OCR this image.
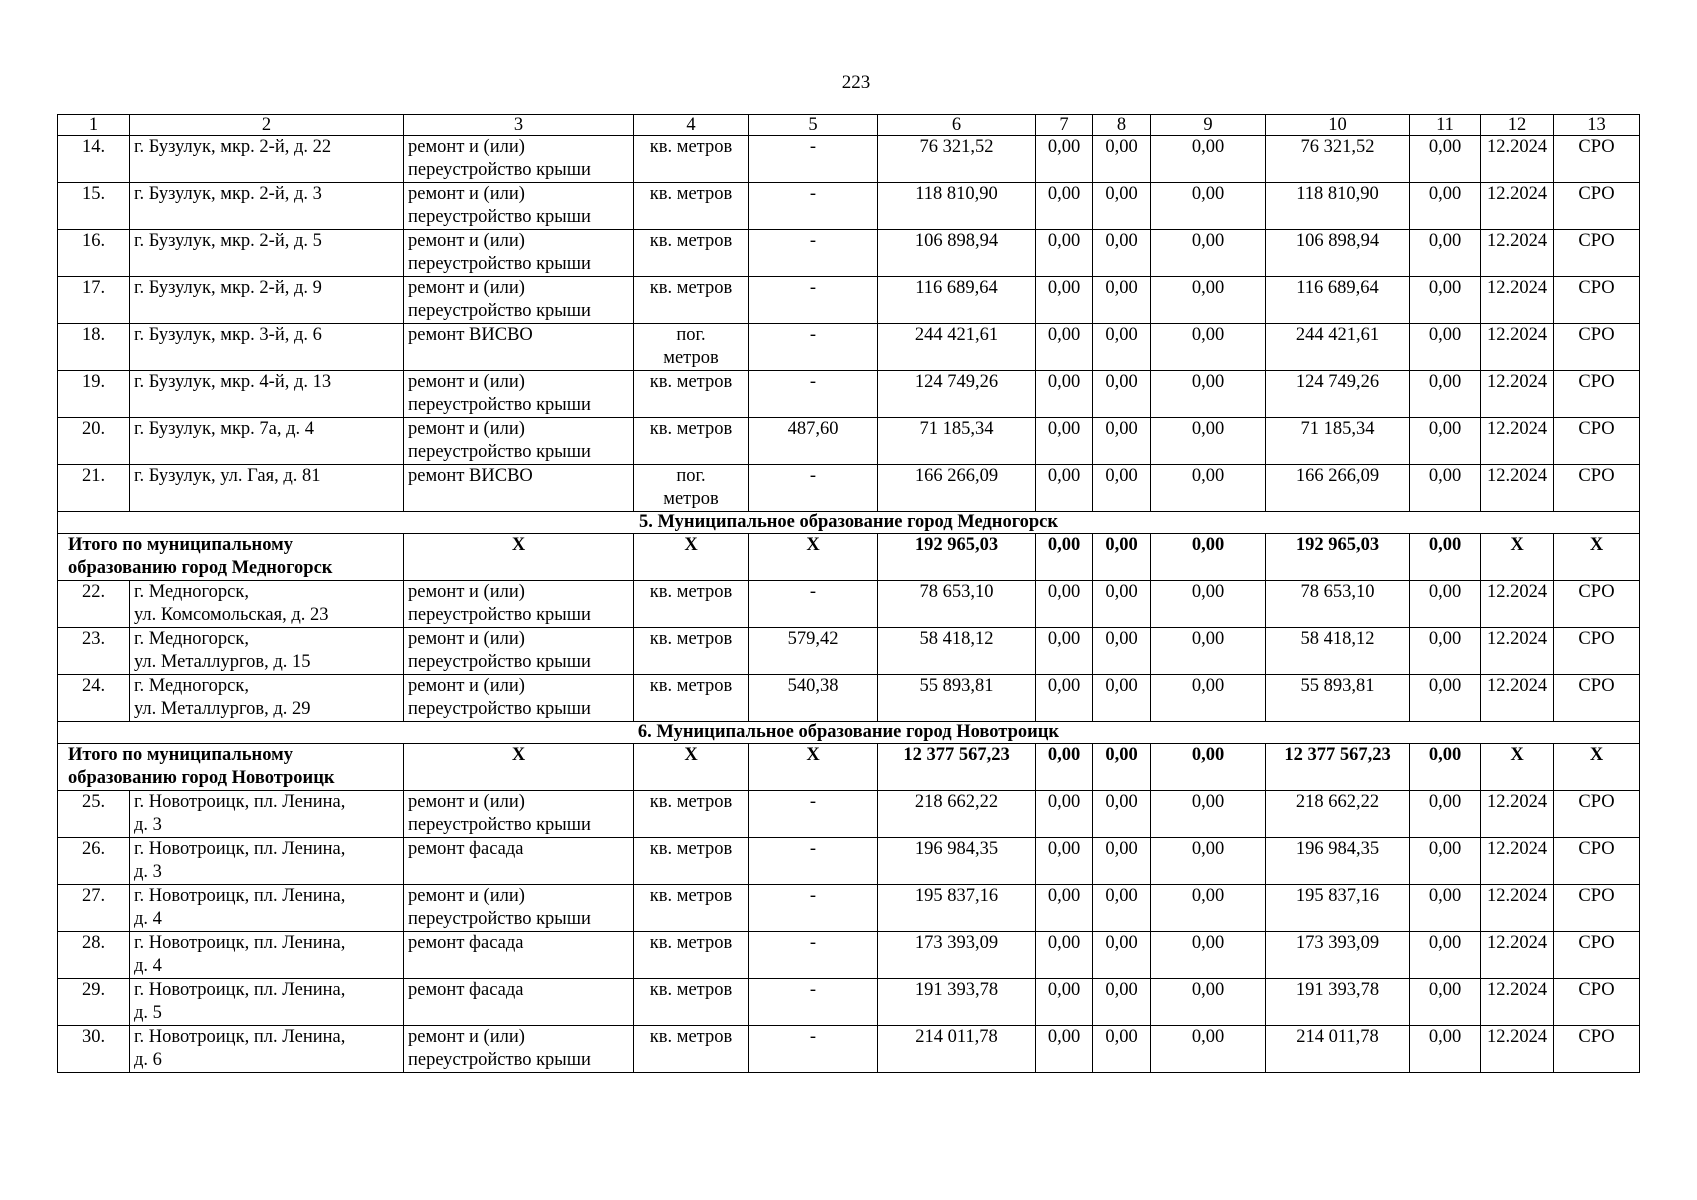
223
1	2	3	4	5	6	7	8	9	10	11	12	13
14.	г. Бузулук, мкр. 2-й, д. 22	ремонт и (или)
переустройство крыши	кв. метров	-	76 321,52	0,00	0,00	0,00	76 321,52	0,00	12.2024	СРО
15.	г. Бузулук, мкр. 2-й, д. 3	ремонт и (или)
переустройство крыши	кв. метров	-	118 810,90	0,00	0,00	0,00	118 810,90	0,00	12.2024	СРО
16.	г. Бузулук, мкр. 2-й, д. 5	ремонт и (или)
переустройство крыши	кв. метров	-	106 898,94	0,00	0,00	0,00	106 898,94	0,00	12.2024	СРО
17.	г. Бузулук, мкр. 2-й, д. 9	ремонт и (или)
переустройство крыши	кв. метров	-	116 689,64	0,00	0,00	0,00	116 689,64	0,00	12.2024	СРО
18.	г. Бузулук, мкр. 3-й, д. 6	ремонт ВИСВО	пог.
метров	-	244 421,61	0,00	0,00	0,00	244 421,61	0,00	12.2024	СРО
19.	г. Бузулук, мкр. 4-й, д. 13	ремонт и (или)
переустройство крыши	кв. метров	-	124 749,26	0,00	0,00	0,00	124 749,26	0,00	12.2024	СРО
20.	г. Бузулук, мкр. 7а, д. 4	ремонт и (или)
переустройство крыши	кв. метров	487,60	71 185,34	0,00	0,00	0,00	71 185,34	0,00	12.2024	СРО
21.	г. Бузулук, ул. Гая, д. 81	ремонт ВИСВО	пог.
метров	-	166 266,09	0,00	0,00	0,00	166 266,09	0,00	12.2024	СРО
5. Муниципальное образование город Медногорск												

Итого по муниципальному
образованию город Медногорск		Х	Х	Х	192 965,03	0,00	0,00	0,00	192 965,03	0,00	Х	Х
22.	г. Медногорск,
ул. Комсомольская, д. 23	ремонт и (или)
переустройство крыши	кв. метров	-	78 653,10	0,00	0,00	0,00	78 653,10	0,00	12.2024	СРО
23.	г. Медногорск,
ул. Металлургов, д. 15	ремонт и (или)
переустройство крыши	кв. метров	579,42	58 418,12	0,00	0,00	0,00	58 418,12	0,00	12.2024	СРО
24.	г. Медногорск,
ул. Металлургов, д. 29	ремонт и (или)
переустройство крыши	кв. метров	540,38	55 893,81	0,00	0,00	0,00	55 893,81	0,00	12.2024	СРО
6. Муниципальное образование город Новотроицк												

Итого по муниципальному
образованию город Новотроицк		Х	Х	Х	12 377 567,23	0,00	0,00	0,00	12 377 567,23	0,00	Х	Х
25.	г. Новотроицк, пл. Ленина,
д. 3	ремонт и (или)
переустройство крыши	кв. метров	-	218 662,22	0,00	0,00	0,00	218 662,22	0,00	12.2024	СРО
26.	г. Новотроицк, пл. Ленина,
д. 3	ремонт фасада	кв. метров	-	196 984,35	0,00	0,00	0,00	196 984,35	0,00	12.2024	СРО
27.	г. Новотроицк, пл. Ленина,
д. 4	ремонт и (или)
переустройство крыши	кв. метров	-	195 837,16	0,00	0,00	0,00	195 837,16	0,00	12.2024	СРО
28.	г. Новотроицк, пл. Ленина,
д. 4	ремонт фасада	кв. метров	-	173 393,09	0,00	0,00	0,00	173 393,09	0,00	12.2024	СРО
29.	г. Новотроицк, пл. Ленина,
д. 5	ремонт фасада	кв. метров	-	191 393,78	0,00	0,00	0,00	191 393,78	0,00	12.2024	СРО
30.	г. Новотроицк, пл. Ленина,
д. 6	ремонт и (или)
переустройство крыши	кв. метров	-	214 011,78	0,00	0,00	0,00	214 011,78	0,00	12.2024	СРО
